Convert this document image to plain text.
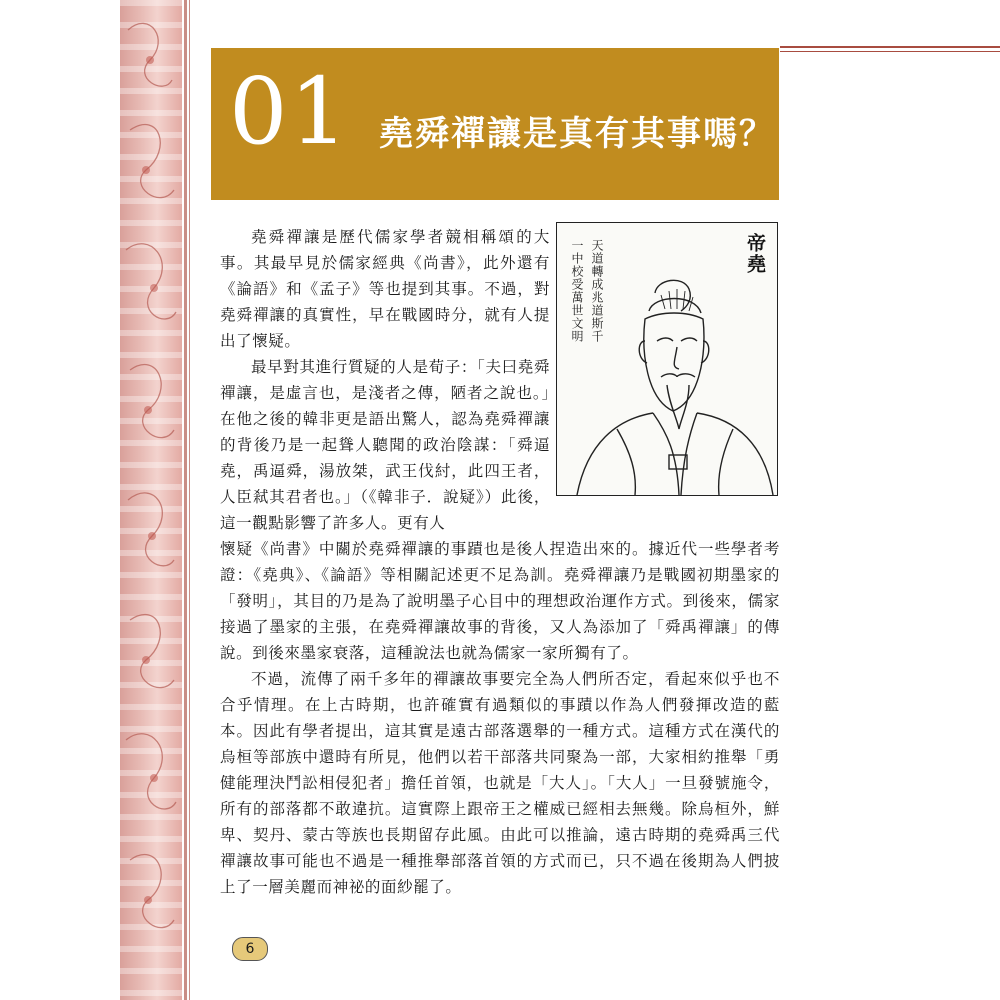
01 堯舜禪讓是真有其事嗎？
帝堯
天道轉成兆道斯千
一中校受萬世文明

堯舜禪讓是歷代儒家學者競相稱頌的大事。其最早見於儒家經典《尚書》，此外還有《論語》和《孟子》等也提到其事。不過，對堯舜禪讓的真實性，早在戰國時分，就有人提出了懷疑。

最早對其進行質疑的人是荀子：「夫曰堯舜禪讓，是虛言也，是淺者之傳，陋者之說也。」在他之後的韓非更是語出驚人，認為堯舜禪讓的背後乃是一起聳人聽聞的政治陰謀：「舜逼堯，禹逼舜，湯放桀，武王伐紂，此四王者，人臣弒其君者也。」（《韓非子．說疑》）此後，這一觀點影響了許多人。更有人

懷疑《尚書》中關於堯舜禪讓的事蹟也是後人捏造出來的。據近代一些學者考證：《堯典》、《論語》等相關記述更不足為訓。堯舜禪讓乃是戰國初期墨家的「發明」，其目的乃是為了說明墨子心目中的理想政治運作方式。到後來，儒家接過了墨家的主張，在堯舜禪讓故事的背後，又人為添加了「舜禹禪讓」的傳說。到後來墨家衰落，這種說法也就為儒家一家所獨有了。

不過，流傳了兩千多年的禪讓故事要完全為人們所否定，看起來似乎也不合乎情理。在上古時期，也許確實有過類似的事蹟以作為人們發揮改造的藍本。因此有學者提出，這其實是遠古部落選舉的一種方式。這種方式在漢代的烏桓等部族中還時有所見，他們以若干部落共同聚為一部，大家相約推舉「勇健能理決鬥訟相侵犯者」擔任首領，也就是「大人」。「大人」一旦發號施令，所有的部落都不敢違抗。這實際上跟帝王之權威已經相去無幾。除烏桓外，鮮卑、契丹、蒙古等族也長期留存此風。由此可以推論，遠古時期的堯舜禹三代禪讓故事可能也不過是一種推舉部落首領的方式而已，只不過在後期為人們披上了一層美麗而神祕的面紗罷了。

6
